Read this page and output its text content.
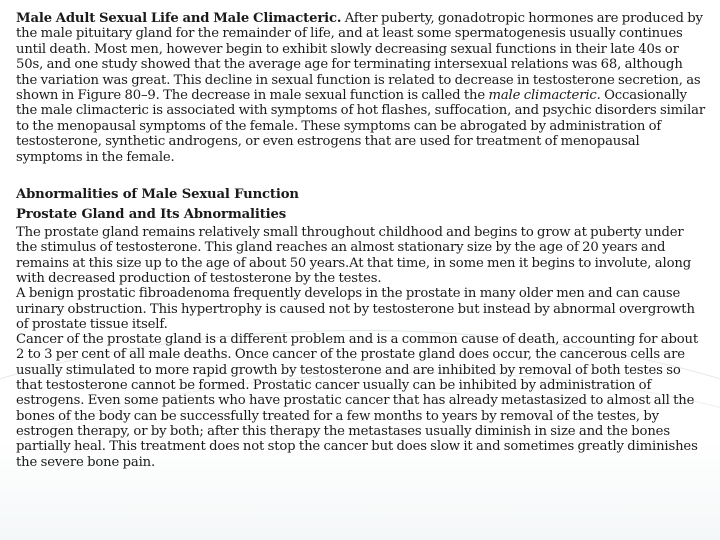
Male Adult Sexual Life and Male Climacteric. After puberty, gonadotropic hormones are produced by the male pituitary gland for the remainder of life, and at least some spermatogenesis usually continues until death. Most men, however begin to exhibit slowly decreasing sexual functions in their late 40s or 50s, and one study showed that the average age for terminating intersexual relations was 68, although the variation was great. This decline in sexual function is related to decrease in testosterone secretion, as shown in Figure 80–9. The decrease in male sexual function is called the male climacteric. Occasionally the male climacteric is associated with symptoms of hot flashes, suffocation, and psychic disorders similar to the menopausal symptoms of the female. These symptoms can be abrogated by administration of testosterone, synthetic androgens, or even estrogens that are used for treatment of menopausal symptoms in the female.

Abnormalities of Male Sexual Function

Prostate Gland and Its Abnormalities

The prostate gland remains relatively small throughout childhood and begins to grow at puberty under the stimulus of testosterone. This gland reaches an almost stationary size by the age of 20 years and remains at this size up to the age of about 50 years.At that time, in some men it begins to involute, along with decreased production of testosterone by the testes.

A benign prostatic fibroadenoma frequently develops in the prostate in many older men and can cause urinary obstruction. This hypertrophy is caused not by testosterone but instead by abnormal overgrowth of prostate tissue itself.

Cancer of the prostate gland is a different problem and is a common cause of death, accounting for about 2 to 3 per cent of all male deaths. Once cancer of the prostate gland does occur, the cancerous cells are usually stimulated to more rapid growth by testosterone and are inhibited by removal of both testes so that testosterone cannot be formed. Prostatic cancer usually can be inhibited by administration of estrogens. Even some patients who have prostatic cancer that has already metastasized to almost all the bones of the body can be successfully treated for a few months to years by removal of the testes, by estrogen therapy, or by both; after this therapy the metastases usually diminish in size and the bones partially heal. This treatment does not stop the cancer but does slow it and sometimes greatly diminishes the severe bone pain.
